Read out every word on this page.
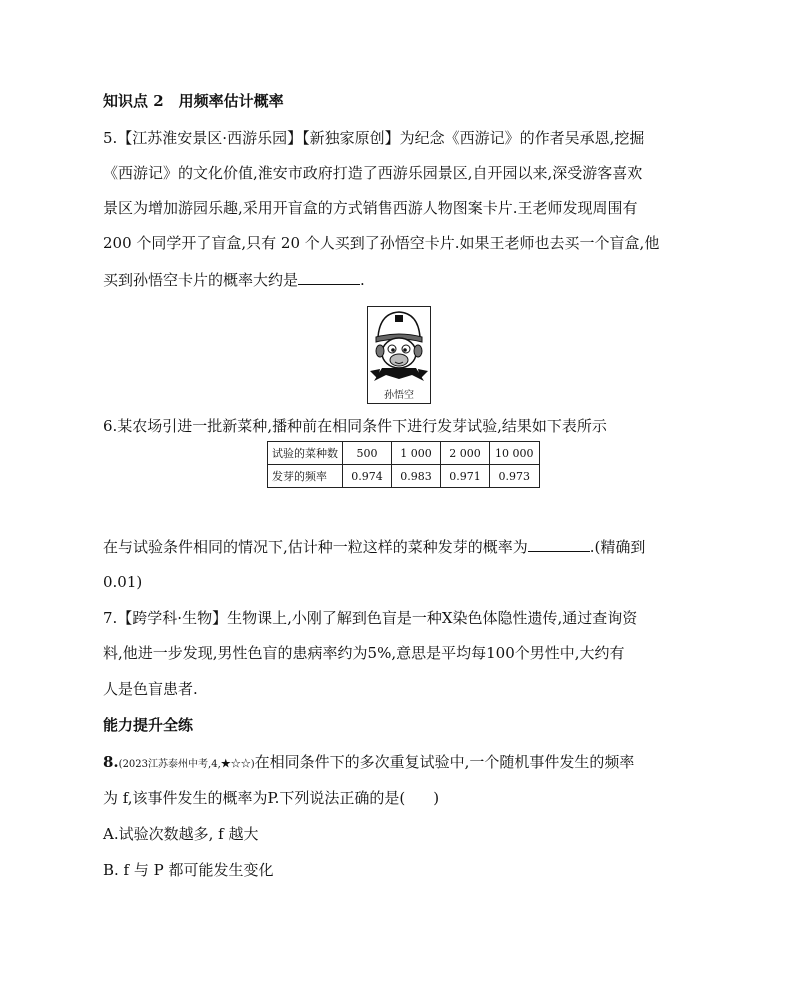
知识点 2　用频率估计概率
5.【江苏淮安景区·西游乐园】【新独家原创】为纪念《西游记》的作者吴承恩,挖掘
《西游记》的文化价值,淮安市政府打造了西游乐园景区,自开园以来,深受游客喜欢
景区为增加游园乐趣,采用开盲盒的方式销售西游人物图案卡片.王老师发现周围有
200 个同学开了盲盒,只有 20 个人买到了孙悟空卡片.如果王老师也去买一个盲盒,他
买到孙悟空卡片的概率大约是	.
孙悟空
6.某农场引进一批新菜种,播种前在相同条件下进行发芽试验,结果如下表所示
试验的菜种数	500	1 000	2 000	10 000
发芽的频率	0.974	0.983	0.971	0.973
在与试验条件相同的情况下,估计种一粒这样的菜种发芽的概率为	.(精确到
0.01)
7.【跨学科·生物】生物课上,小刚了解到色盲是一种X染色体隐性遗传,通过查询资
料,他进一步发现,男性色盲的患病率约为5%,意思是平均每100个男性中,大约有
人是色盲患者.
能力提升全练
8.(2023江苏泰州中考,4,★☆☆)在相同条件下的多次重复试验中,一个随机事件发生的频率
为 f,该事件发生的概率为P.下列说法正确的是( )
A.试验次数越多, f 越大
B. f 与 P 都可能发生变化
